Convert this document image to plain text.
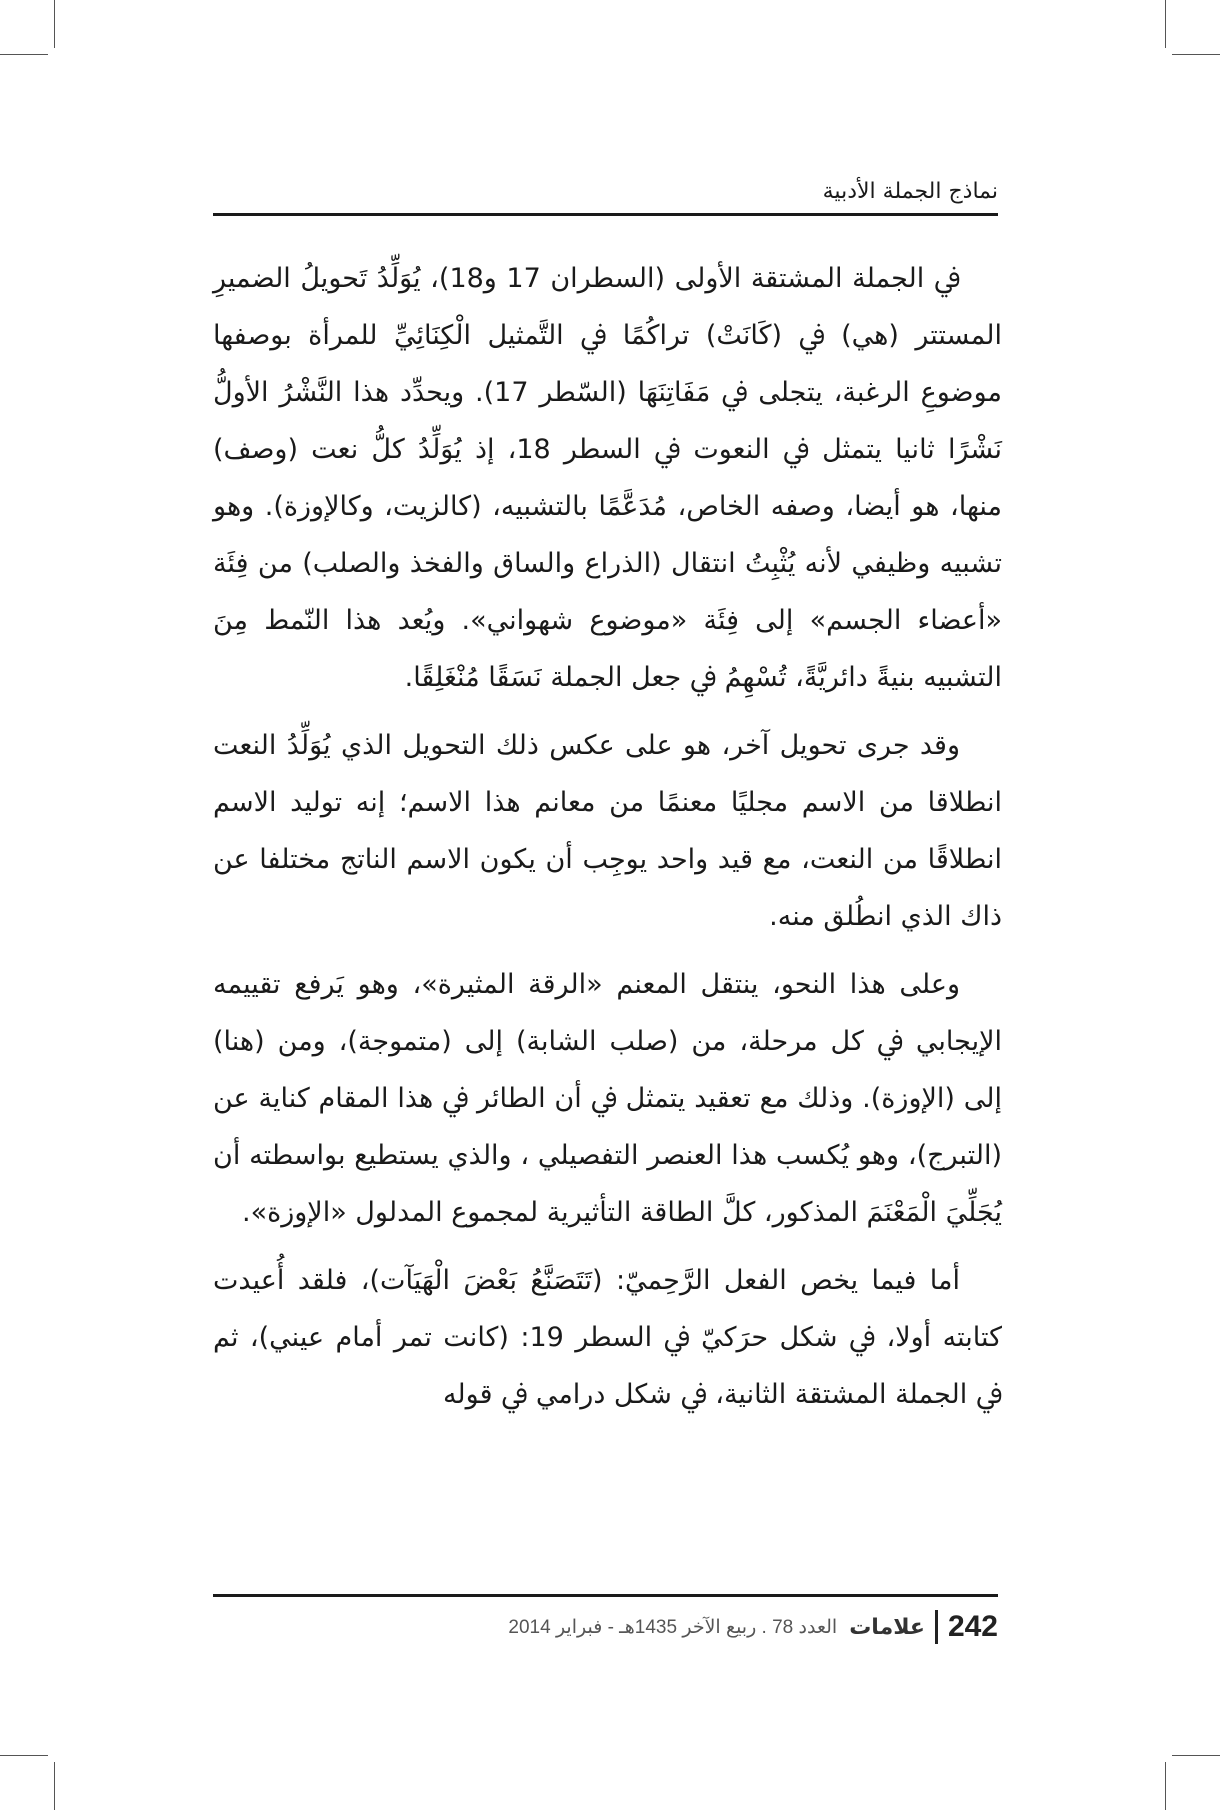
نماذج الجملة الأدبية

ﰲ الجملة المشتقة الأولى (السطران 17 و18)، يُوَلِّدُ تَحويلُ الضميرِ المستتر (هي) ﰲ (كَانَتْ) تراكُمًا ﰲ التَّمثيل الْكِنَائِيِّ للمرأة بوصفها موضوعِ الرغبة، يتجلى ﰲ مَفَاتِنَهَا (السّطر 17). ويحدِّد هذا النَّشْرُ الأولُّ نَشْرًا ثانيا يتمثل ﰲ النعوت ﰲ السطر 18، إذ يُوَلِّدُ كلُّ نعت (وصف) منها، هو أيضا، وصفه الخاص، مُدَعَّمًا بالتشبيه، (كالزيت، وكالإوزة). وهو تشبيه وظيفي لأنه يُثْبِتُ انتقال (الذراع والساق والفخذ والصلب) من فِئَة «أعضاء الجسم» إلى فِئَة «موضوع شهواني». ويُعد هذا النّمط مِنَ التشبيه بنيةً دائريَّةً، تُسْهِمُ ﰲ جعل الجملة نَسَقًا مُنْغَلِقًا.

وقد جرى تحويل آخر، هو على عكس ذلك التحويل الذي يُوَلِّدُ النعت انطلاقا من الاسم مجليًا معنمًا من معانم هذا الاسم؛ إنه توليد الاسم انطلاقًا من النعت، مع قيد واحد يوجِب أن يكون الاسم الناتج مختلفا عن ذاك الذي انطُلق منه.

وعلى هذا النحو، ينتقل المعنم «الرقة المثيرة»، وهو يَرفع تقييمه الإيجابي ﰲ كل مرحلة، من (صلب الشابة) إلى (متموجة)، ومن (هنا) إلى (الإوزة). وذلك مع تعقيد يتمثل ﰲ أن الطائر ﰲ هذا المقام كناية عن (التبرج)، وهو يُكسب هذا العنصر التفصيلي ، والذي يستطيع بواسطته أن يُجَلِّيَ الْمَعْنَمَ المذكور، كلَّ الطاقة التأثيرية لمجموع المدلول «الإوزة».

أما فيما يخص الفعل الرَّحِميّ: (تَتَصَنَّعُ بَعْضَ الْهَيَآت)، فلقد أُعيدت كتابته أولا، ﰲ شكل حرَكيّ ﰲ السطر 19: (كانت تمر أمام عيني)، ثم ﰲ الجملة المشتقة الثانية، ﰲ شكل درامي ﰲ قوله

242
علامات
العدد 78 . ربيع الآخر 1435هـ - فبراير 2014
